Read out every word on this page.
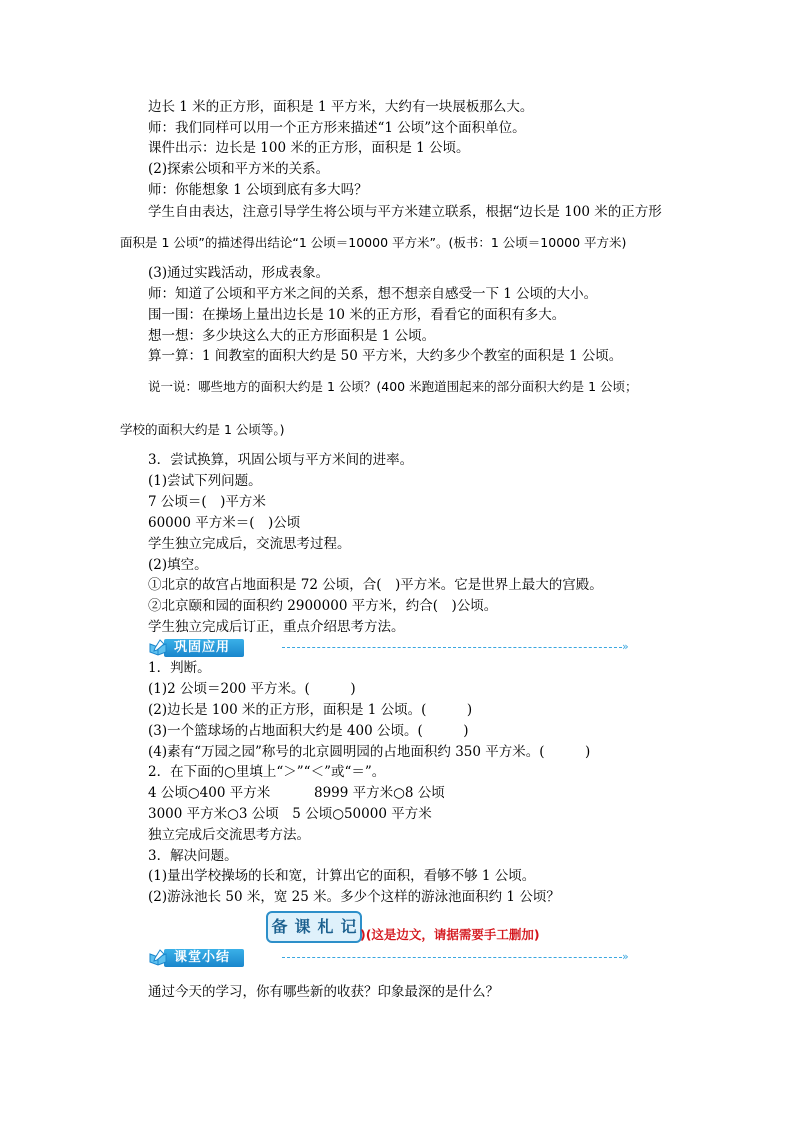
边长 1 米的正方形，面积是 1 平方米，大约有一块展板那么大。
师：我们同样可以用一个正方形来描述“1 公顷”这个面积单位。
课件出示：边长是 100 米的正方形，面积是 1 公顷。
(2)探索公顷和平方米的关系。
师：你能想象 1 公顷到底有多大吗？
学生自由表达，注意引导学生将公顷与平方米建立联系，根据“边长是 100 米的正方形
面积是 1 公顷”的描述得出结论“1 公顷＝10000 平方米”。(板书：1 公顷＝10000 平方米)
(3)通过实践活动，形成表象。
师：知道了公顷和平方米之间的关系，想不想亲自感受一下 1 公顷的大小。
围一围：在操场上量出边长是 10 米的正方形，看看它的面积有多大。
想一想：多少块这么大的正方形面积是 1 公顷。
算一算：1 间教室的面积大约是 50 平方米，大约多少个教室的面积是 1 公顷。
说一说：哪些地方的面积大约是 1 公顷？(400 米跑道围起来的部分面积大约是 1 公顷；
学校的面积大约是 1 公顷等。)
3．尝试换算，巩固公顷与平方米间的进率。
(1)尝试下列问题。
7 公顷＝(　)平方米
60000 平方米＝(　)公顷
学生独立完成后，交流思考过程。
(2)填空。
①北京的故宫占地面积是 72 公顷，合(　)平方米。它是世界上最大的宫殿。
②北京颐和园的面积约 2900000 平方米，约合(　)公顷。
学生独立完成后订正，重点介绍思考方法。
巩固应用	»
1．判断。
(1)2 公顷＝200 平方米。(　　　)
(2)边长是 100 米的正方形，面积是 1 公顷。(　　　)
(3)一个篮球场的占地面积大约是 400 公顷。(　　　)
(4)素有“万园之园”称号的北京圆明园的占地面积约 350 平方米。(　　　)
2．在下面的○里填上“＞”“＜”或“＝”。
4 公顷○400 平方米	8999 平方米○8 公顷
3000 平方米○3 公顷　5 公顷○50000 平方米
独立完成后交流思考方法。
3．解决问题。
(1)量出学校操场的长和宽，计算出它的面积，看够不够 1 公顷。
(2)游泳池长 50 米，宽 25 米。多少个这样的游泳池面积约 1 公顷？
备 课 札 记 )(这是边文，请据需要手工删加)
课堂小结	»
通过今天的学习，你有哪些新的收获？印象最深的是什么？
